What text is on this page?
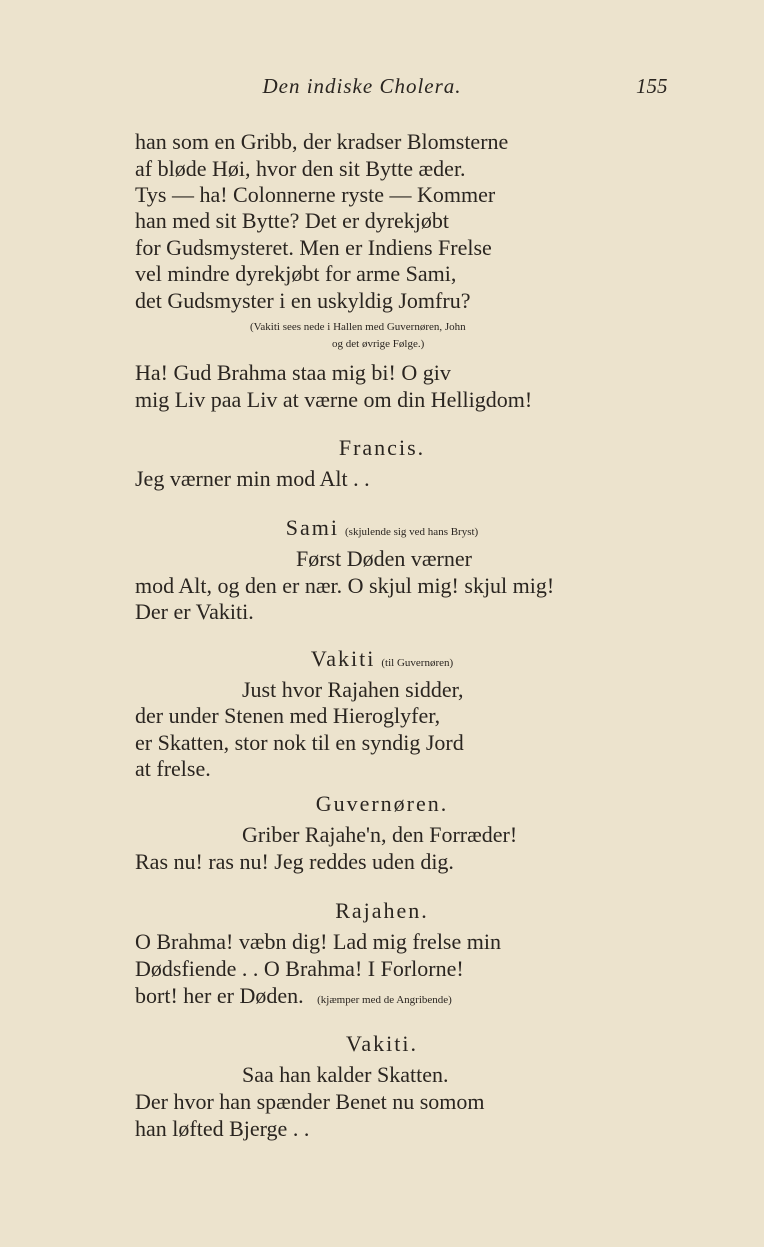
Den indiske Cholera.	155
han som en Gribb, der kradser Blomsterne
af bløde Høi, hvor den sit Bytte æder.
Tys — ha! Colonnerne ryste — Kommer
han med sit Bytte? Det er dyrekjøbt
for Gudsmysteret. Men er Indiens Frelse
vel mindre dyrekjøbt for arme Sami,
det Gudsmyster i en uskyldig Jomfru?
(Vakiti sees nede i Hallen med Guvernøren, John
og det øvrige Følge.)
Ha! Gud Brahma staa mig bi! O giv
mig Liv paa Liv at værne om din Helligdom!
Francis.
Jeg værner min mod Alt . .
Sami (skjulende sig ved hans Bryst)
Først Døden værner
mod Alt, og den er nær. O skjul mig! skjul mig!
Der er Vakiti.
Vakiti (til Guvernøren)
Just hvor Rajahen sidder,
der under Stenen med Hieroglyfer,
er Skatten, stor nok til en syndig Jord
at frelse.
Guvernøren.
Griber Rajahe'n, den Forræder!
Ras nu! ras nu! Jeg reddes uden dig.
Rajahen.
O Brahma! væbn dig! Lad mig frelse min
Dødsfiende . . O Brahma! I Forlorne!
bort! her er Døden. (kjæmper med de Angribende)
Vakiti.
Saa han kalder Skatten.
Der hvor han spænder Benet nu somom
han løfted Bjerge . .
